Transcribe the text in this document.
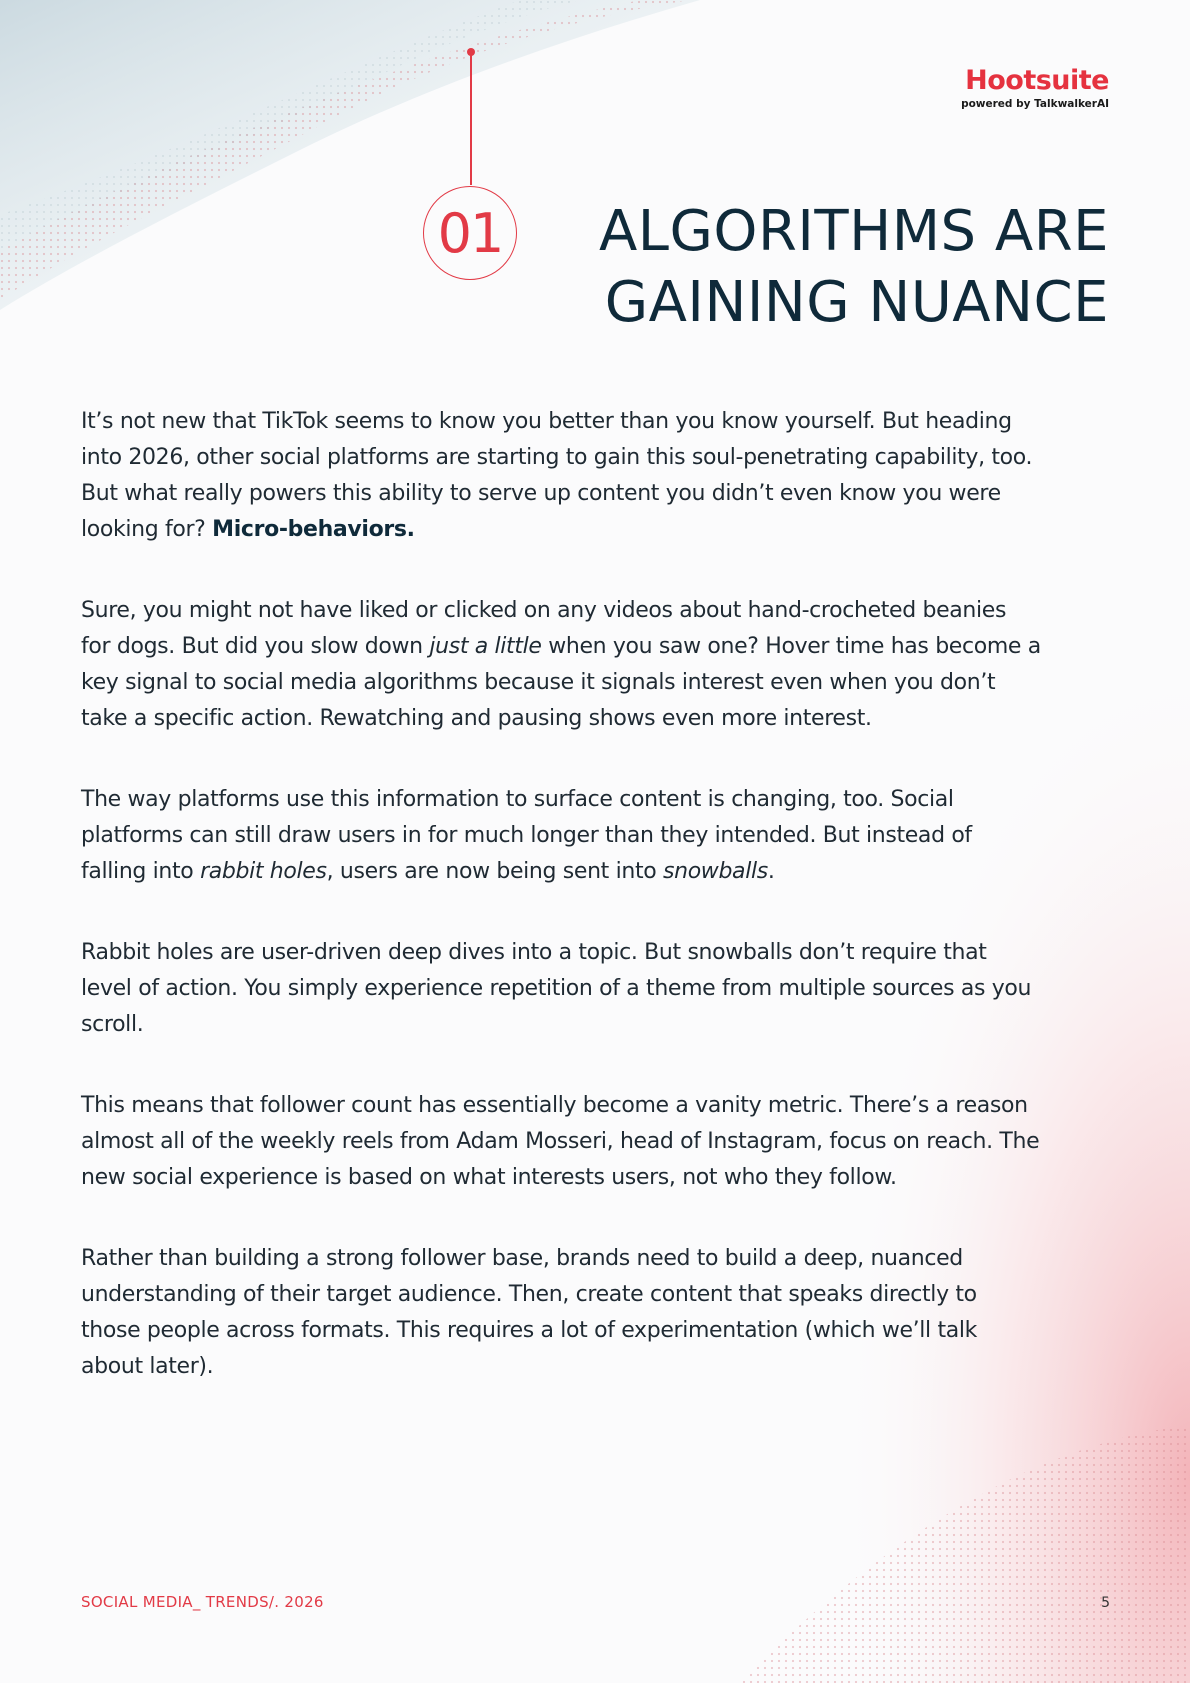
Hootsuite
powered by TalkwalkerAI
01	ALGORITHMS ARE
GAINING NUANCE

It’s not new that TikTok seems to know you better than you know yourself. But heading into 2026, other social platforms are starting to gain this soul-penetrating capability, too. But what really powers this ability to serve up content you didn’t even know you were looking for? Micro-behaviors.

Sure, you might not have liked or clicked on any videos about hand-crocheted beanies for dogs. But did you slow down just a little when you saw one? Hover time has become a key signal to social media algorithms because it signals interest even when you don’t take a specific action. Rewatching and pausing shows even more interest.

The way platforms use this information to surface content is changing, too. Social platforms can still draw users in for much longer than they intended. But instead of falling into rabbit holes, users are now being sent into snowballs.

Rabbit holes are user-driven deep dives into a topic. But snowballs don’t require that level of action. You simply experience repetition of a theme from multiple sources as you scroll.

This means that follower count has essentially become a vanity metric. There’s a reason almost all of the weekly reels from Adam Mosseri, head of Instagram, focus on reach. The new social experience is based on what interests users, not who they follow.

Rather than building a strong follower base, brands need to build a deep, nuanced understanding of their target audience. Then, create content that speaks directly to those people across formats. This requires a lot of experimentation (which we’ll talk about later).

SOCIAL MEDIA_ TRENDS/. 2026	5
